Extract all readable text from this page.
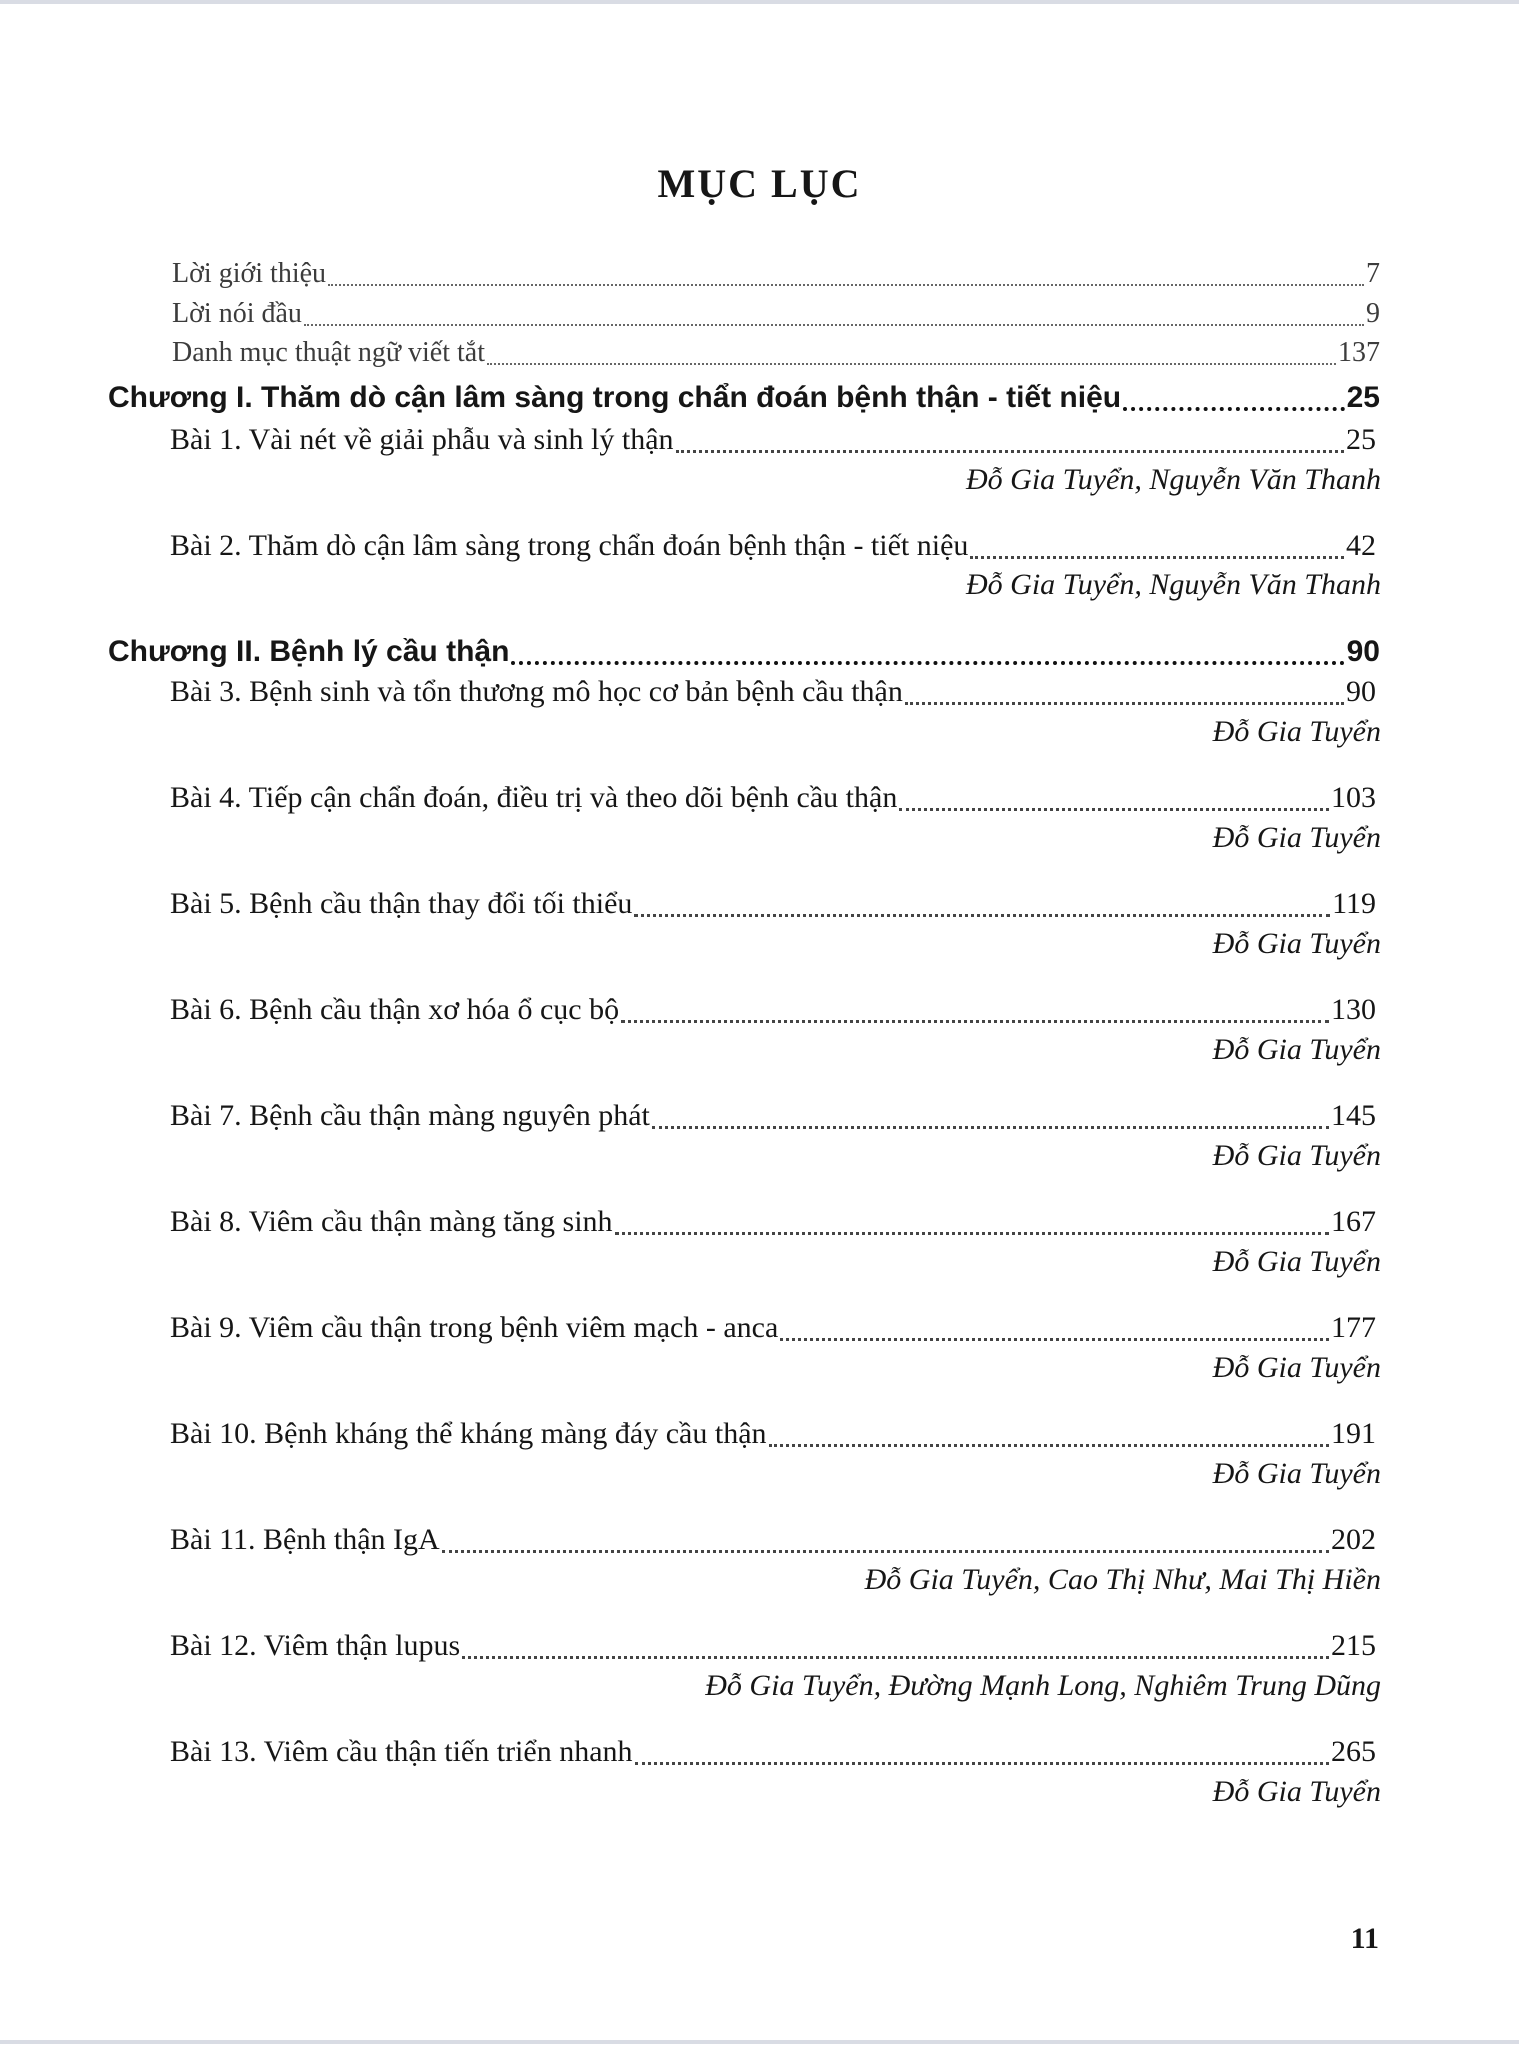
MỤC LỤC
Lời giới thiệu	7
Lời nói đầu	9
Danh mục thuật ngữ viết tắt	137
Chương I. Thăm dò cận lâm sàng trong chẩn đoán bệnh thận - tiết niệu	25
Bài 1. Vài nét về giải phẫu và sinh lý thận	25
Đỗ Gia Tuyển, Nguyễn Văn Thanh
Bài 2. Thăm dò cận lâm sàng trong chẩn đoán bệnh thận - tiết niệu	42
Đỗ Gia Tuyển, Nguyễn Văn Thanh
Chương II. Bệnh lý cầu thận	90
Bài 3. Bệnh sinh và tổn thương mô học cơ bản bệnh cầu thận	90
Đỗ Gia Tuyển
Bài 4. Tiếp cận chẩn đoán, điều trị và theo dõi bệnh cầu thận	103
Đỗ Gia Tuyển
Bài 5. Bệnh cầu thận thay đổi tối thiểu	119
Đỗ Gia Tuyển
Bài 6. Bệnh cầu thận xơ hóa ổ cục bộ	130
Đỗ Gia Tuyển
Bài 7. Bệnh cầu thận màng nguyên phát	145
Đỗ Gia Tuyển
Bài 8. Viêm cầu thận màng tăng sinh	167
Đỗ Gia Tuyển
Bài 9. Viêm cầu thận trong bệnh viêm mạch - anca	177
Đỗ Gia Tuyển
Bài 10. Bệnh kháng thể kháng màng đáy cầu thận	191
Đỗ Gia Tuyển
Bài 11. Bệnh thận IgA	202
Đỗ Gia Tuyển, Cao Thị Như, Mai Thị Hiền
Bài 12. Viêm thận lupus	215
Đỗ Gia Tuyển, Đường Mạnh Long, Nghiêm Trung Dũng
Bài 13. Viêm cầu thận tiến triển nhanh	265
Đỗ Gia Tuyển
11
